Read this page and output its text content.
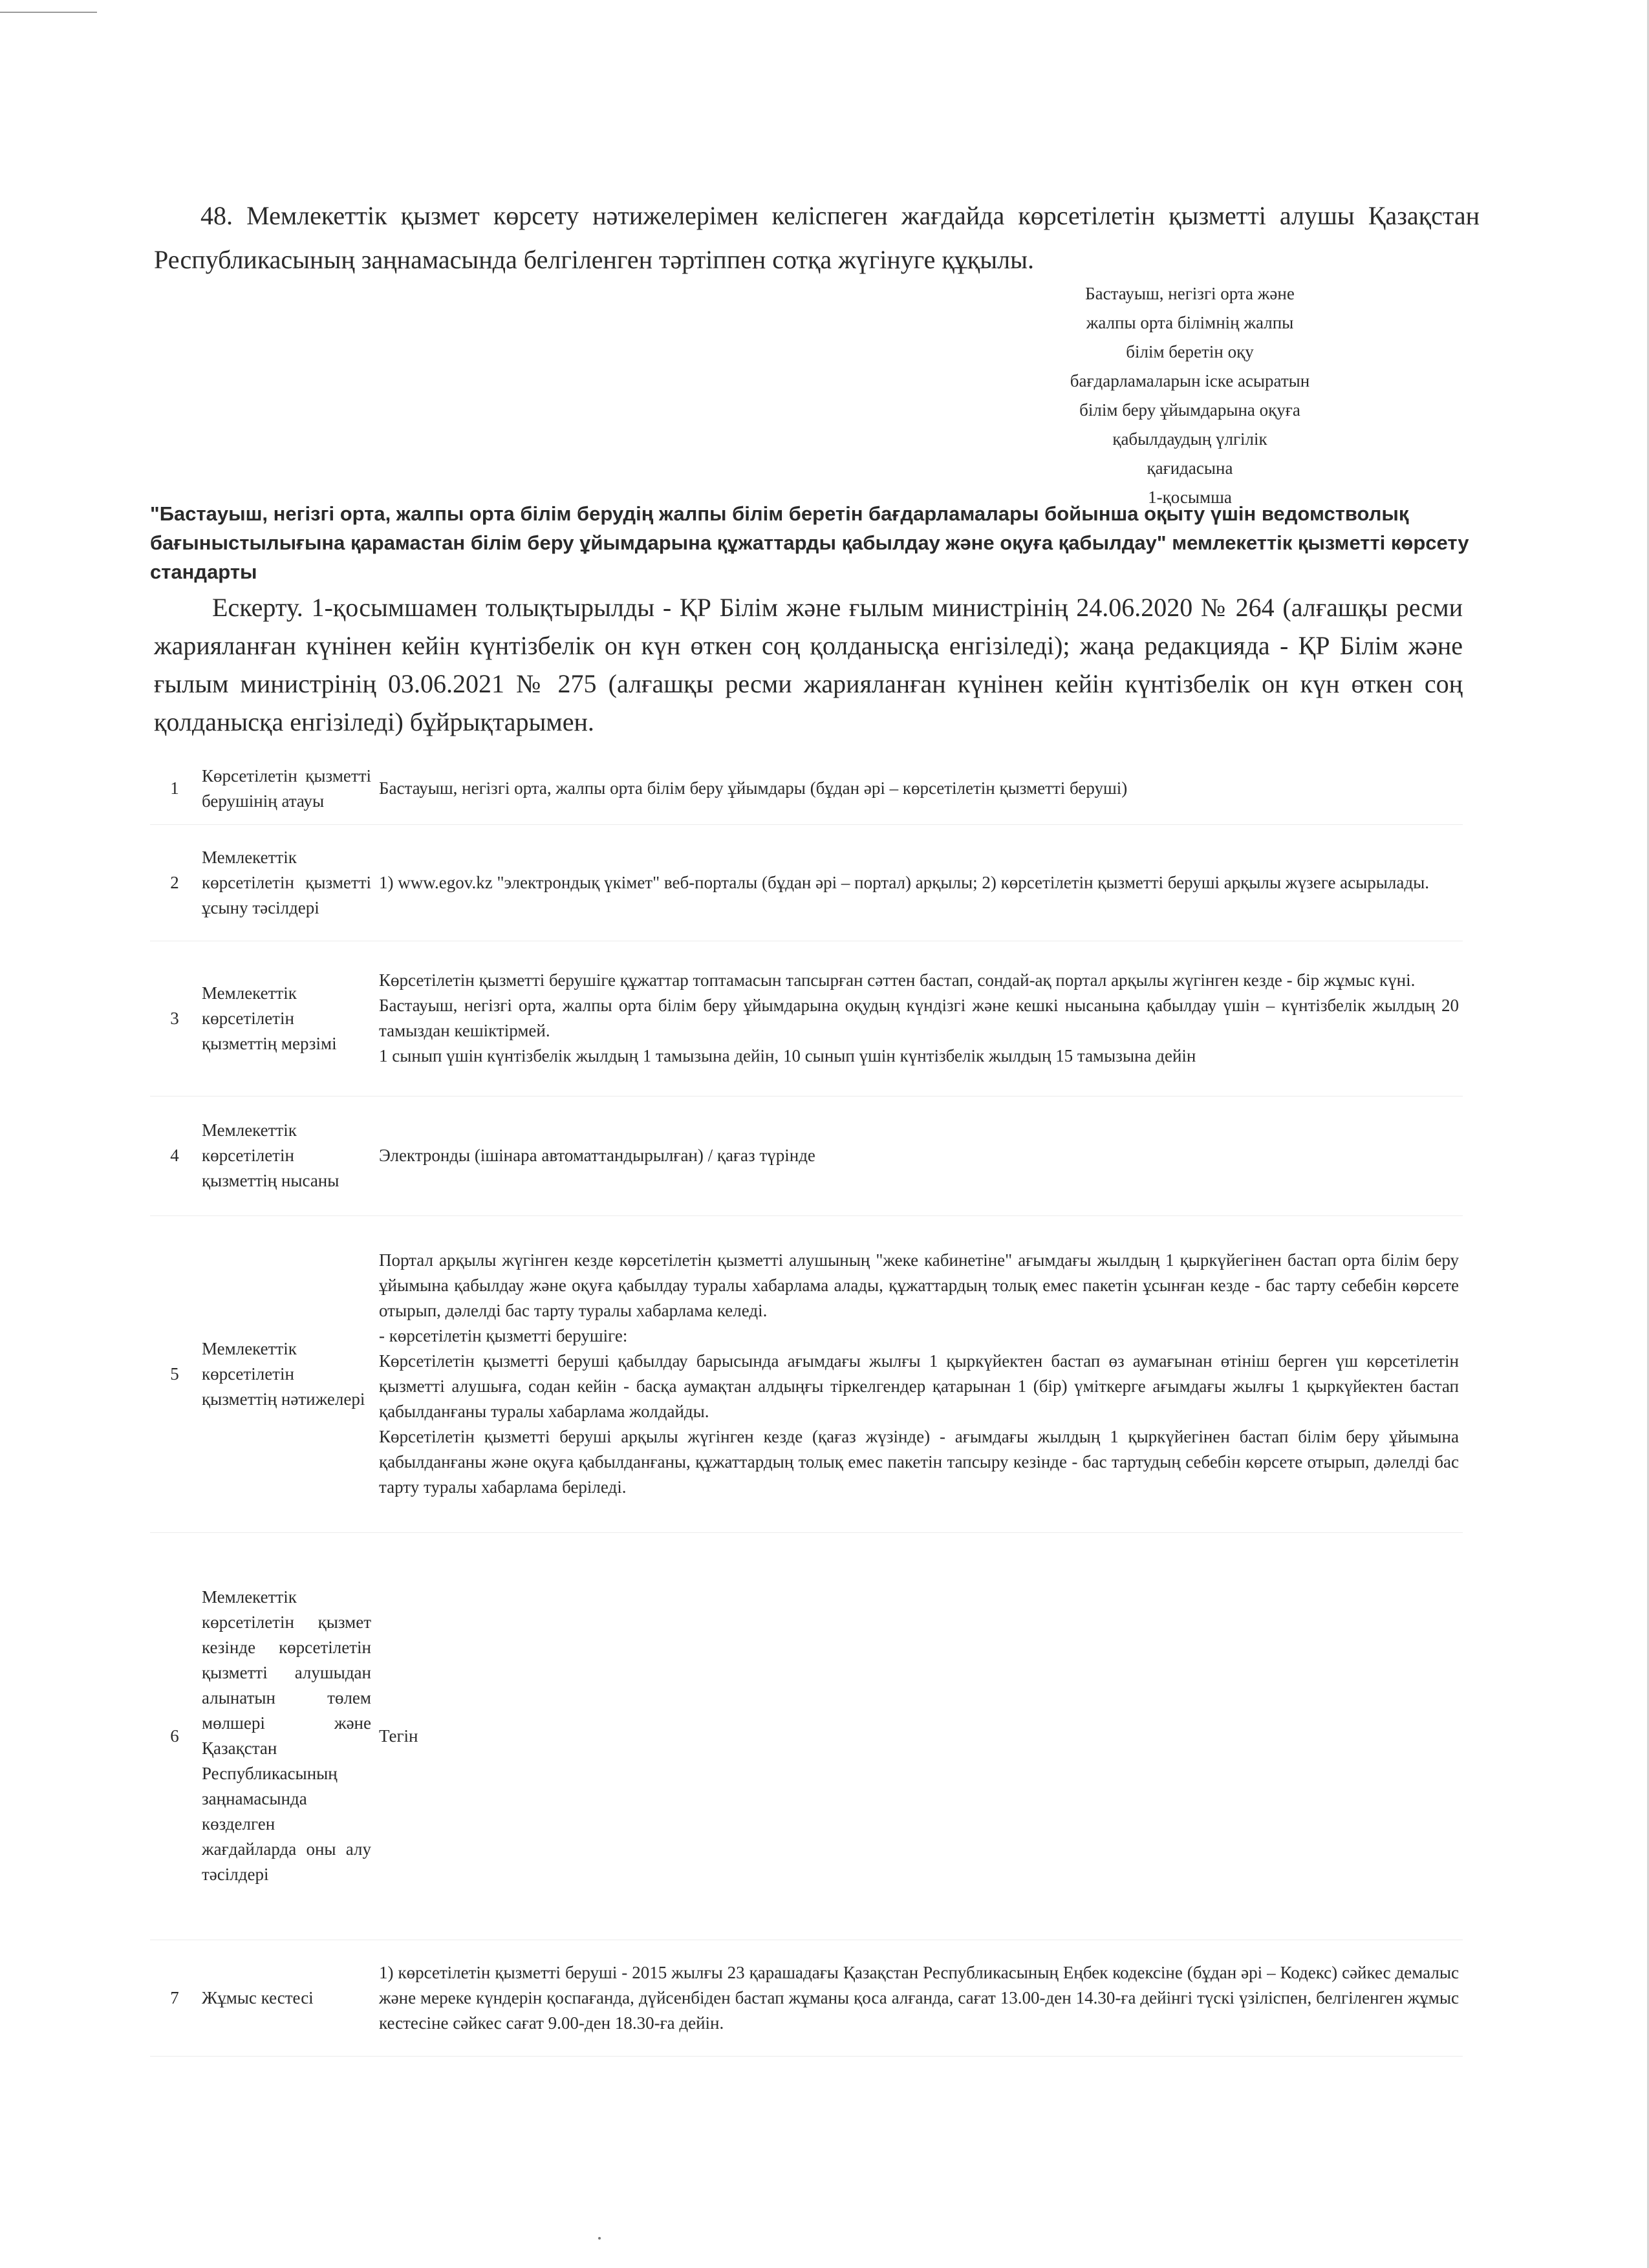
48. Мемлекеттік қызмет көрсету нәтижелерімен келіспеген жағдайда көрсетілетін қызметті алушы Қазақстан Республикасының заңнамасында белгіленген тәртіппен сотқа жүгінуге құқылы.

Бастауыш, негізгі орта және
жалпы орта білімнің жалпы
білім беретін оқу
бағдарламаларын іске асыратын
білім беру ұйымдарына оқуға
қабылдаудың үлгілік
қағидасына
1-қосымша

"Бастауыш, негізгі орта, жалпы орта білім берудің жалпы білім беретін бағдарламалары бойынша оқыту үшін ведомстволық бағыныстылығына қарамастан білім беру ұйымдарына құжаттарды қабылдау және оқуға қабылдау" мемлекеттік қызметті көрсету стандарты

Ескерту. 1-қосымшамен толықтырылды - ҚР Білім және ғылым министрінің 24.06.2020 № 264 (алғашқы ресми жарияланған күнінен кейін күнтізбелік он күн өткен соң қолданысқа енгізіледі); жаңа редакцияда - ҚР Білім және ғылым министрінің 03.06.2021 № 275 (алғашқы ресми жарияланған күнінен кейін күнтізбелік он күн өткен соң қолданысқа енгізіледі) бұйрықтарымен.

1	Көрсетілетін қызметті берушінің атауы	Бастауыш, негізгі орта, жалпы орта білім беру ұйымдары (бұдан әрі – көрсетілетін қызметті беруші)

2	Мемлекеттік көрсетілетін қызметті ұсыну тәсілдері	1) www.egov.kz "электрондық үкімет" веб-порталы (бұдан әрі – портал) арқылы; 2) көрсетілетін қызметті беруші арқылы жүзеге асырылады.

3	Мемлекеттік көрсетілетін қызметтің мерзімі	Көрсетілетін қызметті берушіге құжаттар топтамасын тапсырған сәттен бастап, сондай-ақ портал арқылы жүгінген кезде - бір жұмыс күні.

Бастауыш, негізгі орта, жалпы орта білім беру ұйымдарына оқудың күндізгі және кешкі нысанына қабылдау үшін – күнтізбелік жылдың 20 тамыздан кешіктірмей.

1 сынып үшін күнтізбелік жылдың 1 тамызына дейін, 10 сынып үшін күнтізбелік жылдың 15 тамызына дейін

4	Мемлекеттік көрсетілетін қызметтің нысаны	Электронды (ішінара автоматтандырылған) / қағаз түрінде

5	Мемлекеттік көрсетілетін қызметтің нәтижелері	Портал арқылы жүгінген кезде көрсетілетін қызметті алушының "жеке кабинетіне" ағымдағы жылдың 1 қыркүйегінен бастап орта білім беру ұйымына қабылдау және оқуға қабылдау туралы хабарлама алады, құжаттардың толық емес пакетін ұсынған кезде - бас тарту себебін көрсете отырып, дәлелді бас тарту туралы хабарлама келеді.

- көрсетілетін қызметті берушіге:

Көрсетілетін қызметті беруші қабылдау барысында ағымдағы жылғы 1 қыркүйектен бастап өз аумағынан өтініш берген үш көрсетілетін қызметті алушыға, содан кейін - басқа аумақтан алдыңғы тіркелгендер қатарынан 1 (бір) үміткерге ағымдағы жылғы 1 қыркүйектен бастап қабылданғаны туралы хабарлама жолдайды.

Көрсетілетін қызметті беруші арқылы жүгінген кезде (қағаз жүзінде) - ағымдағы жылдың 1 қыркүйегінен бастап білім беру ұйымына қабылданғаны және оқуға қабылданғаны, құжаттардың толық емес пакетін тапсыру кезінде - бас тартудың себебін көрсете отырып, дәлелді бас тарту туралы хабарлама беріледі.

6	Мемлекеттік көрсетілетін қызмет кезінде көрсетілетін қызметті алушыдан алынатын төлем мөлшері және Қазақстан Республикасының заңнамасында көзделген жағдайларда оны алу тәсілдері	Тегін

7	Жұмыс кестесі	1) көрсетілетін қызметті беруші - 2015 жылғы 23 қарашадағы Қазақстан Республикасының Еңбек кодексіне (бұдан әрі – Кодекс) сәйкес демалыс және мереке күндерін қоспағанда, дүйсенбіден бастап жұманы қоса алғанда, сағат 13.00-ден 14.30-ға дейінгі түскі үзіліспен, белгіленген жұмыс кестесіне сәйкес сағат 9.00-ден 18.30-ға дейін.
